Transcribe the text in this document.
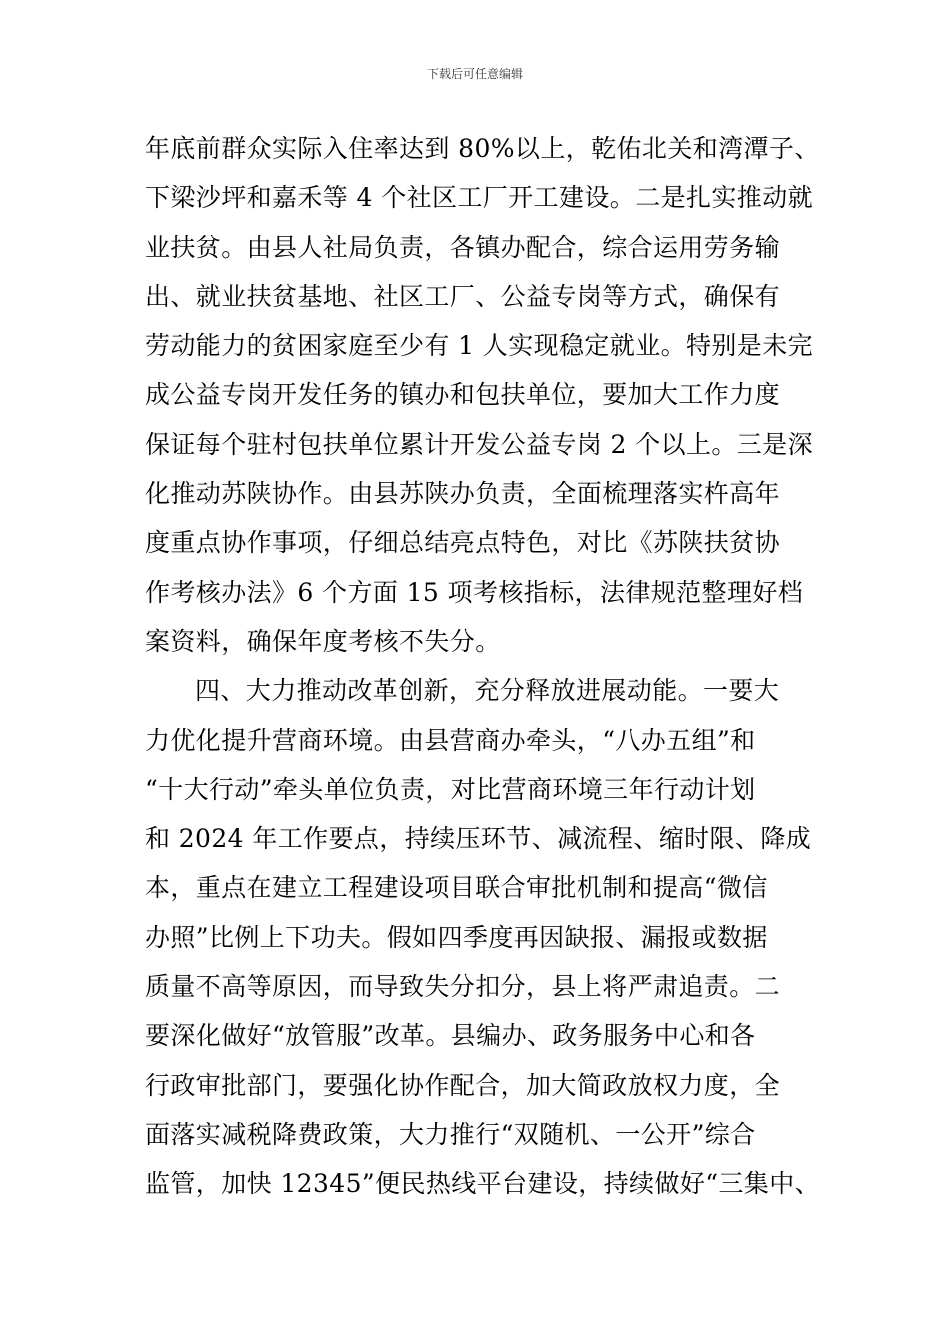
下载后可任意编辑
年底前群众实际入住率达到 80%以上，乾佑北关和湾潭子、
下梁沙坪和嘉禾等 4 个社区工厂开工建设。二是扎实推动就
业扶贫。由县人社局负责，各镇办配合，综合运用劳务输
出、就业扶贫基地、社区工厂、公益专岗等方式，确保有
劳动能力的贫困家庭至少有 1 人实现稳定就业。特别是未完
成公益专岗开发任务的镇办和包扶单位，要加大工作力度
保证每个驻村包扶单位累计开发公益专岗 2 个以上。三是深
化推动苏陕协作。由县苏陕办负责，全面梳理落实杵高年
度重点协作事项，仔细总结亮点特色，对比《苏陕扶贫协
作考核办法》6 个方面 15 项考核指标，法律规范整理好档
案资料，确保年度考核不失分。
四、大力推动改革创新，充分释放进展动能。一要大
力优化提升营商环境。由县营商办牵头，“八办五组”和
“十大行动”牵头单位负责，对比营商环境三年行动计划
和 2024 年工作要点，持续压环节、减流程、缩时限、降成
本，重点在建立工程建设项目联合审批机制和提高“微信
办照”比例上下功夫。假如四季度再因缺报、漏报或数据
质量不高等原因，而导致失分扣分，县上将严肃追责。二
要深化做好“放管服”改革。县编办、政务服务中心和各
行政审批部门，要强化协作配合，加大简政放权力度，全
面落实减税降费政策，大力推行“双随机、一公开”综合
监管，加快 12345”便民热线平台建设，持续做好“三集中、
